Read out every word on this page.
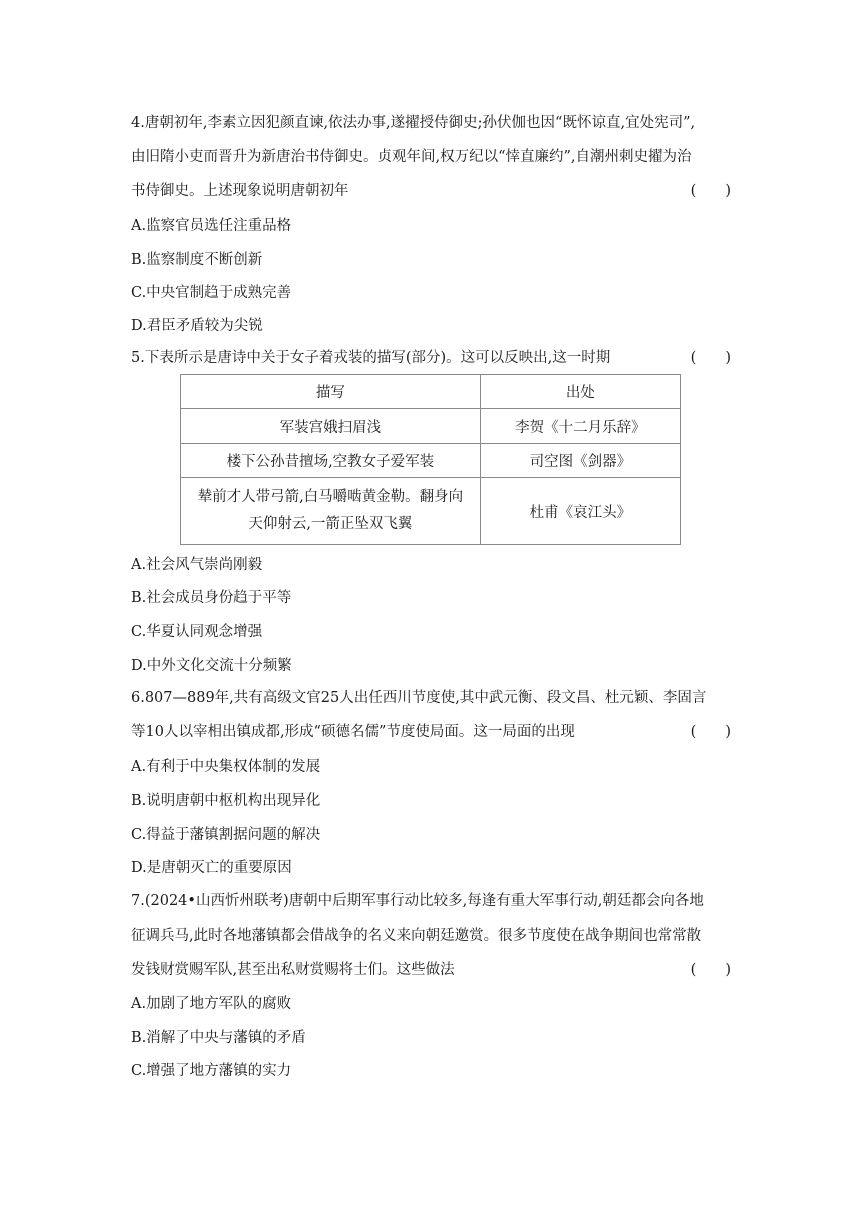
4.唐朝初年,李素立因犯颜直谏,依法办事,遂擢授侍御史;孙伏伽也因“既怀谅直,宜处宪司”,
由旧隋小吏而晋升为新唐治书侍御史。贞观年间,权万纪以“悻直廉约”,自潮州刺史擢为治
书侍御史。上述现象说明唐朝初年	(　　)
A.监察官员选任注重品格
B.监察制度不断创新
C.中央官制趋于成熟完善
D.君臣矛盾较为尖锐
5.下表所示是唐诗中关于女子着戎装的描写(部分)。这可以反映出,这一时期	(　　)
描写	出处
军装宫娥扫眉浅	李贺《十二月乐辞》
楼下公孙昔擅场,空教女子爱军装	司空图《剑器》

辇前才人带弓箭,白马嚼啮黄金勒。翻身向
天仰射云,一箭正坠双飞翼	杜甫《哀江头》
A.社会风气崇尚刚毅
B.社会成员身份趋于平等
C.华夏认同观念增强
D.中外文化交流十分频繁
6.807—889年,共有高级文官25人出任西川节度使,其中武元衡、段文昌、杜元颖、李固言
等10人以宰相出镇成都,形成“硕德名儒”节度使局面。这一局面的出现	(　　)
A.有利于中央集权体制的发展
B.说明唐朝中枢机构出现异化
C.得益于藩镇割据问题的解决
D.是唐朝灭亡的重要原因
7.(2024•山西忻州联考)唐朝中后期军事行动比较多,每逢有重大军事行动,朝廷都会向各地
征调兵马,此时各地藩镇都会借战争的名义来向朝廷邀赏。很多节度使在战争期间也常常散
发钱财赏赐军队,甚至出私财赏赐将士们。这些做法	(　　)
A.加剧了地方军队的腐败
B.消解了中央与藩镇的矛盾
C.增强了地方藩镇的实力
